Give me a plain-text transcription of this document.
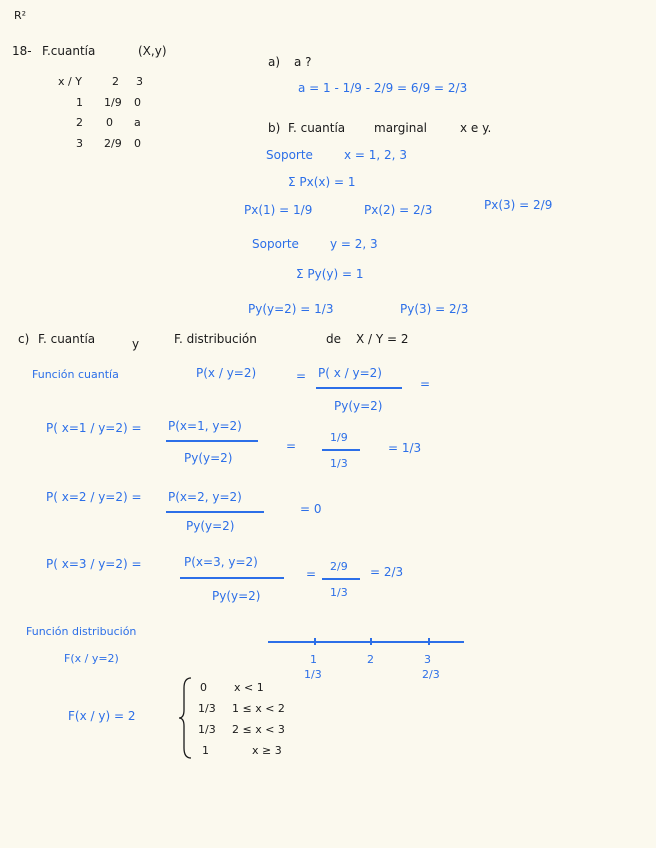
R²
18- F.cuantía	(X,y)
x / Y	2 3
1 1/9 0
2 0 a
3 2/9 0
a) a ?
a = 1 - 1/9 - 2/9 = 6/9 = 2/3
b) F. cuantía marginal	x e y.
Soporte	x = 1, 2, 3
Σ Px(x) = 1
Px(1) = 1/9	Px(2) = 2/3	Px(3) = 2/9
Soporte	y = 2, 3
Σ Py(y) = 1
Py(y=2) = 1/3	Py(3) = 2/3
c) F. cuantía	y	F. distribución	de X / Y = 2
Función cuantía	P(x / y=2)	= P( x / y=2)
Py(y=2)
=
P( x=1 / y=2) = P(x=1, y=2)
Py(y=2)
=
1/9
1/3
= 1/3
P( x=2 / y=2) = P(x=2, y=2)
Py(y=2)
= 0
P( x=3 / y=2) =	P(x=3, y=2)
Py(y=2)
=
2/9
1/3
= 2/3
Función distribución
F(x / y=2)	1	2	3
1/3	2/3
F(x / y) = 2
0 x < 1
1/3 1 ≤ x < 2
1/3 2 ≤ x < 3
1	x ≥ 3
